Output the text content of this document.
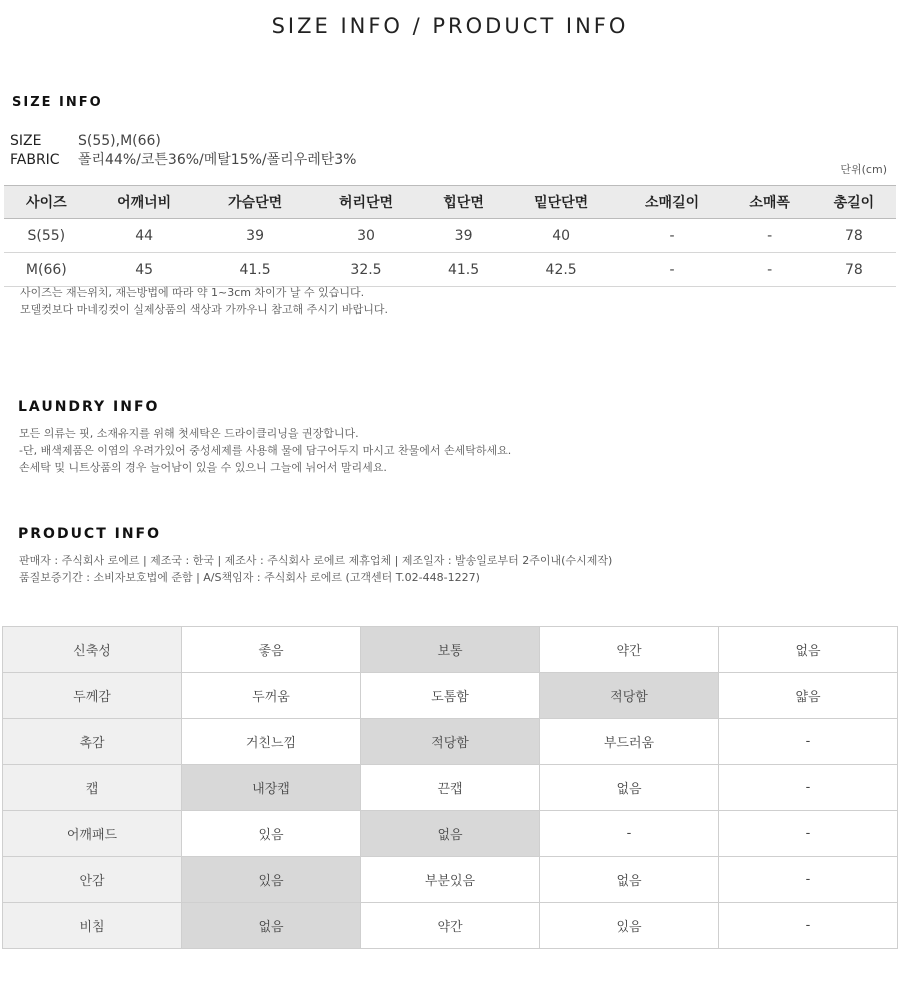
SIZE INFO / PRODUCT INFO
SIZE INFO
SIZE	S(55),M(66)
FABRIC 폴리44%/코튼36%/메탈15%/폴리우레탄3%
단위(cm)
사이즈	어깨너비	가슴단면	허리단면	힙단면	밑단단면	소매길이	소매폭	총길이
S(55)	44	39	30	39	40	-	-	78
M(66)	45	41.5	32.5	41.5	42.5	-	-	78
사이즈는 재는위치, 재는방법에 따라 약 1~3cm 차이가 날 수 있습니다.
모델컷보다 마네킹컷이 실제상품의 색상과 가까우니 참고해 주시기 바랍니다.
LAUNDRY INFO
모든 의류는 핏, 소재유지를 위해 첫세탁은 드라이클리닝을 권장합니다.
-단, 배색제품은 이염의 우려가있어 중성세제를 사용해 물에 담구어두지 마시고 찬물에서 손세탁하세요.
손세탁 및 니트상품의 경우 늘어남이 있을 수 있으니 그늘에 뉘어서 말리세요.
PRODUCT INFO
판매자 : 주식회사 로에르 | 제조국 : 한국 | 제조사 : 주식회사 로에르 제휴업체 | 제조일자 : 발송일로부터 2주이내(수시제작)
품질보증기간 : 소비자보호법에 준함 | A/S책임자 : 주식회사 로에르 (고객센터 T.02-448-1227)
신축성	좋음	보통	약간	없음
두께감	두꺼움	도톰함	적당함	얇음
촉감	거친느낌	적당함	부드러움	-
캡	내장캡	끈캡	없음	-
어깨패드	있음	없음	-	-
안감	있음	부분있음	없음	-
비침	없음	약간	있음	-
